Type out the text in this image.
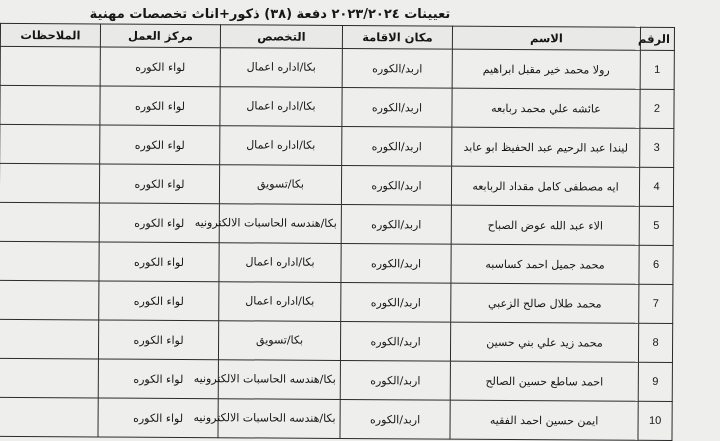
تعيينات ٢٠٢٣/٢٠٢٤ دفعة (٣٨) ذكور+اناث تخصصات مهنية
الرقم	الاسم	مكان الاقامة	التخصص	مركز العمل	الملاحظات
1	رولا محمد خير مقبل ابراهيم	اربد/الكوره	بكا/اداره اعمال	لواء الكوره	
2	عائشه علي محمد ربابعه	اربد/الكوره	بكا/اداره اعمال	لواء الكوره	
3	ليندا عبد الرحيم عبد الحفيظ ابو عابد	اربد/الكوره	بكا/اداره اعمال	لواء الكوره	
4	ايه مصطفى كامل مقداد الربابعه	اربد/الكوره	بكا/تسويق	لواء الكوره	
5	الاء عبد الله عوض الصباح	اربد/الكوره	بكا/هندسه الحاسبات الالكترونيه	لواء الكوره	
6	محمد جميل احمد كساسبه	اربد/الكوره	بكا/اداره اعمال	لواء الكوره	
7	محمد طلال صالح الزعبي	اربد/الكوره	بكا/اداره اعمال	لواء الكوره	
8	محمد زيد علي بني حسين	اربد/الكوره	بكا/تسويق	لواء الكوره	
9	احمد ساطع حسين الصالح	اربد/الكوره	بكا/هندسه الحاسبات الالكترونيه	لواء الكوره	
10	ايمن حسين احمد الفقيه	اربد/الكوره	بكا/هندسه الحاسبات الالكترونيه	لواء الكوره	
